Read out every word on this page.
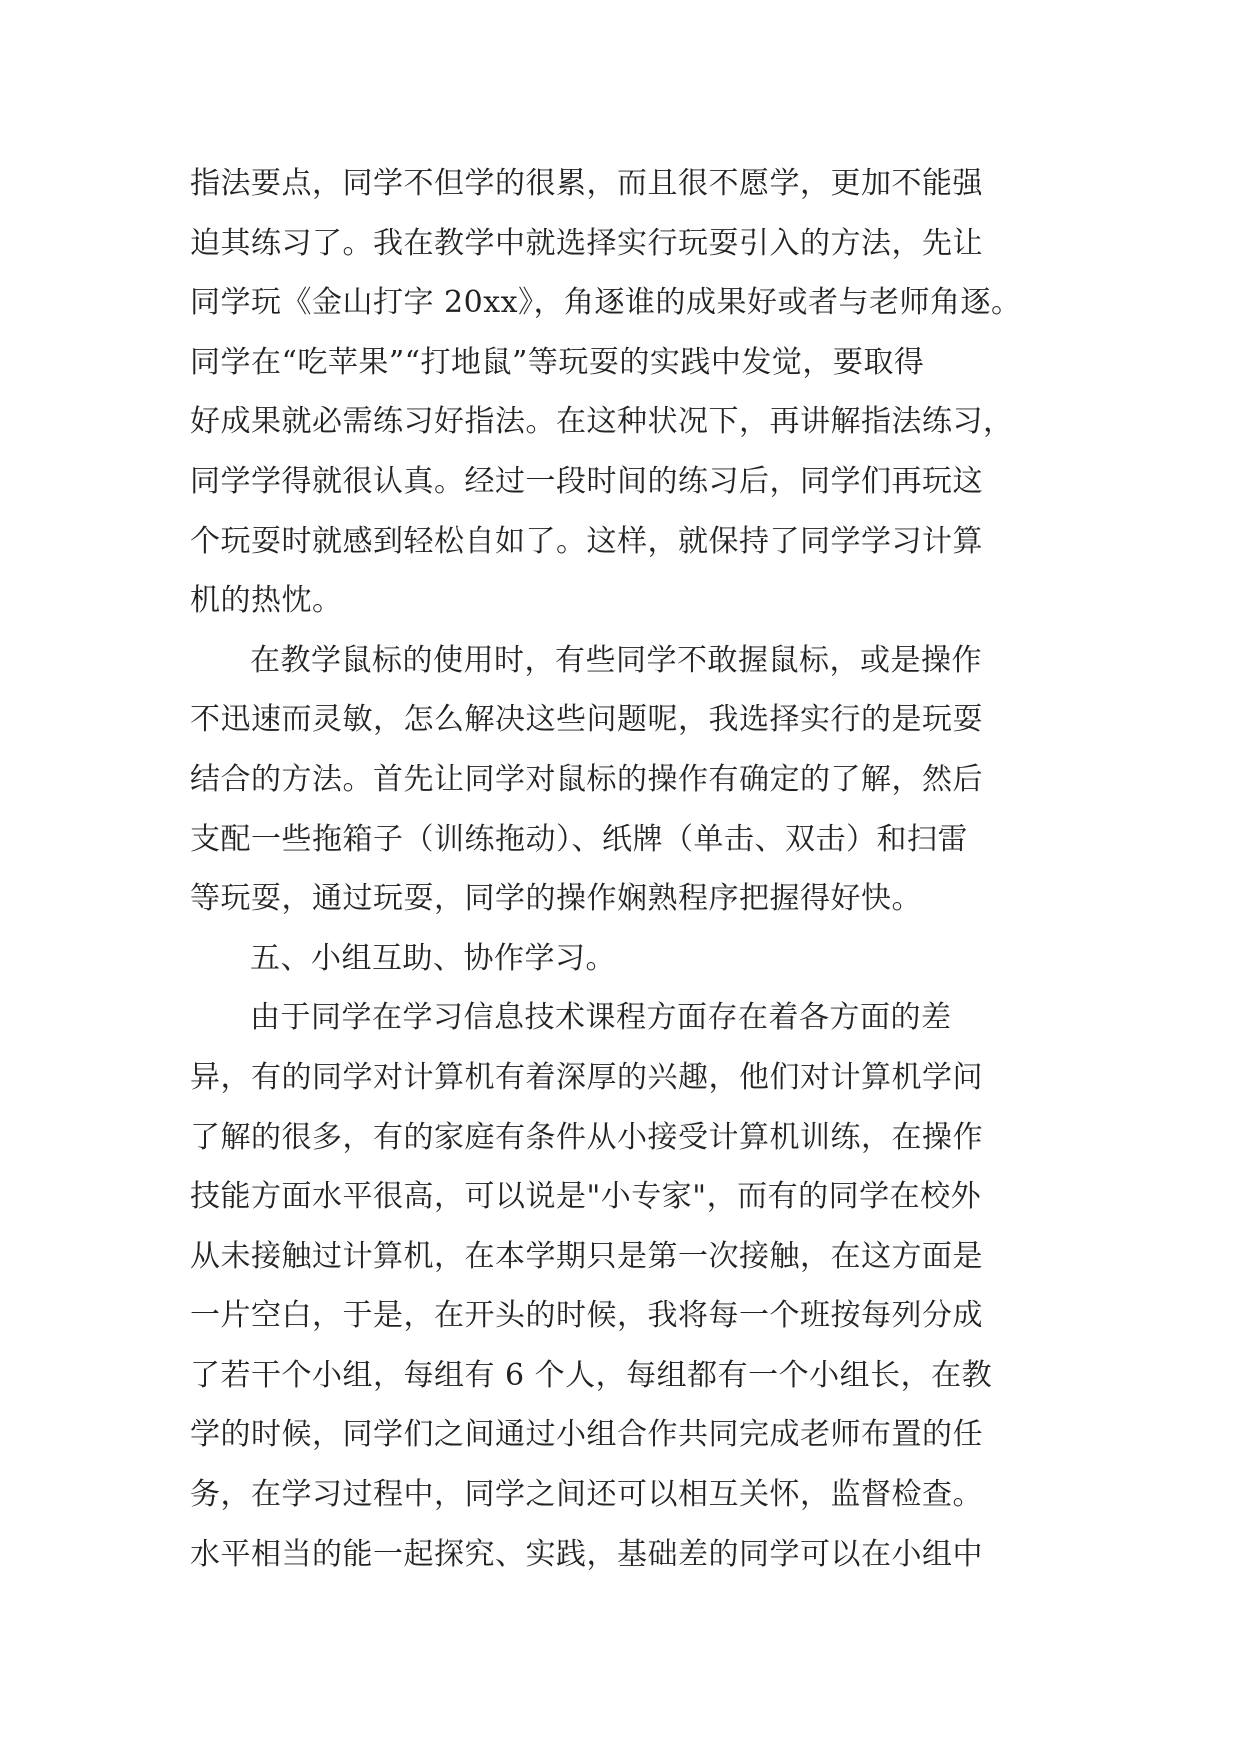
指法要点，同学不但学的很累，而且很不愿学，更加不能强
迫其练习了。我在教学中就选择实行玩耍引入的方法，先让
同学玩《金山打字 20xx》，角逐谁的成果好或者与老师角逐。
同学在“吃苹果”“打地鼠”等玩耍的实践中发觉，要取得
好成果就必需练习好指法。在这种状况下，再讲解指法练习，
同学学得就很认真。经过一段时间的练习后，同学们再玩这
个玩耍时就感到轻松自如了。这样，就保持了同学学习计算
机的热忱。
在教学鼠标的使用时，有些同学不敢握鼠标，或是操作
不迅速而灵敏，怎么解决这些问题呢，我选择实行的是玩耍
结合的方法。首先让同学对鼠标的操作有确定的了解，然后
支配一些拖箱子（训练拖动）、纸牌（单击、双击）和扫雷
等玩耍，通过玩耍，同学的操作娴熟程序把握得好快。
五、小组互助、协作学习。
由于同学在学习信息技术课程方面存在着各方面的差
异，有的同学对计算机有着深厚的兴趣，他们对计算机学问
了解的很多，有的家庭有条件从小接受计算机训练，在操作
技能方面水平很高，可以说是"小专家"，而有的同学在校外
从未接触过计算机，在本学期只是第一次接触，在这方面是
一片空白，于是，在开头的时候，我将每一个班按每列分成
了若干个小组，每组有 6 个人，每组都有一个小组长，在教
学的时候，同学们之间通过小组合作共同完成老师布置的任
务，在学习过程中，同学之间还可以相互关怀，监督检查。
水平相当的能一起探究、实践，基础差的同学可以在小组中
